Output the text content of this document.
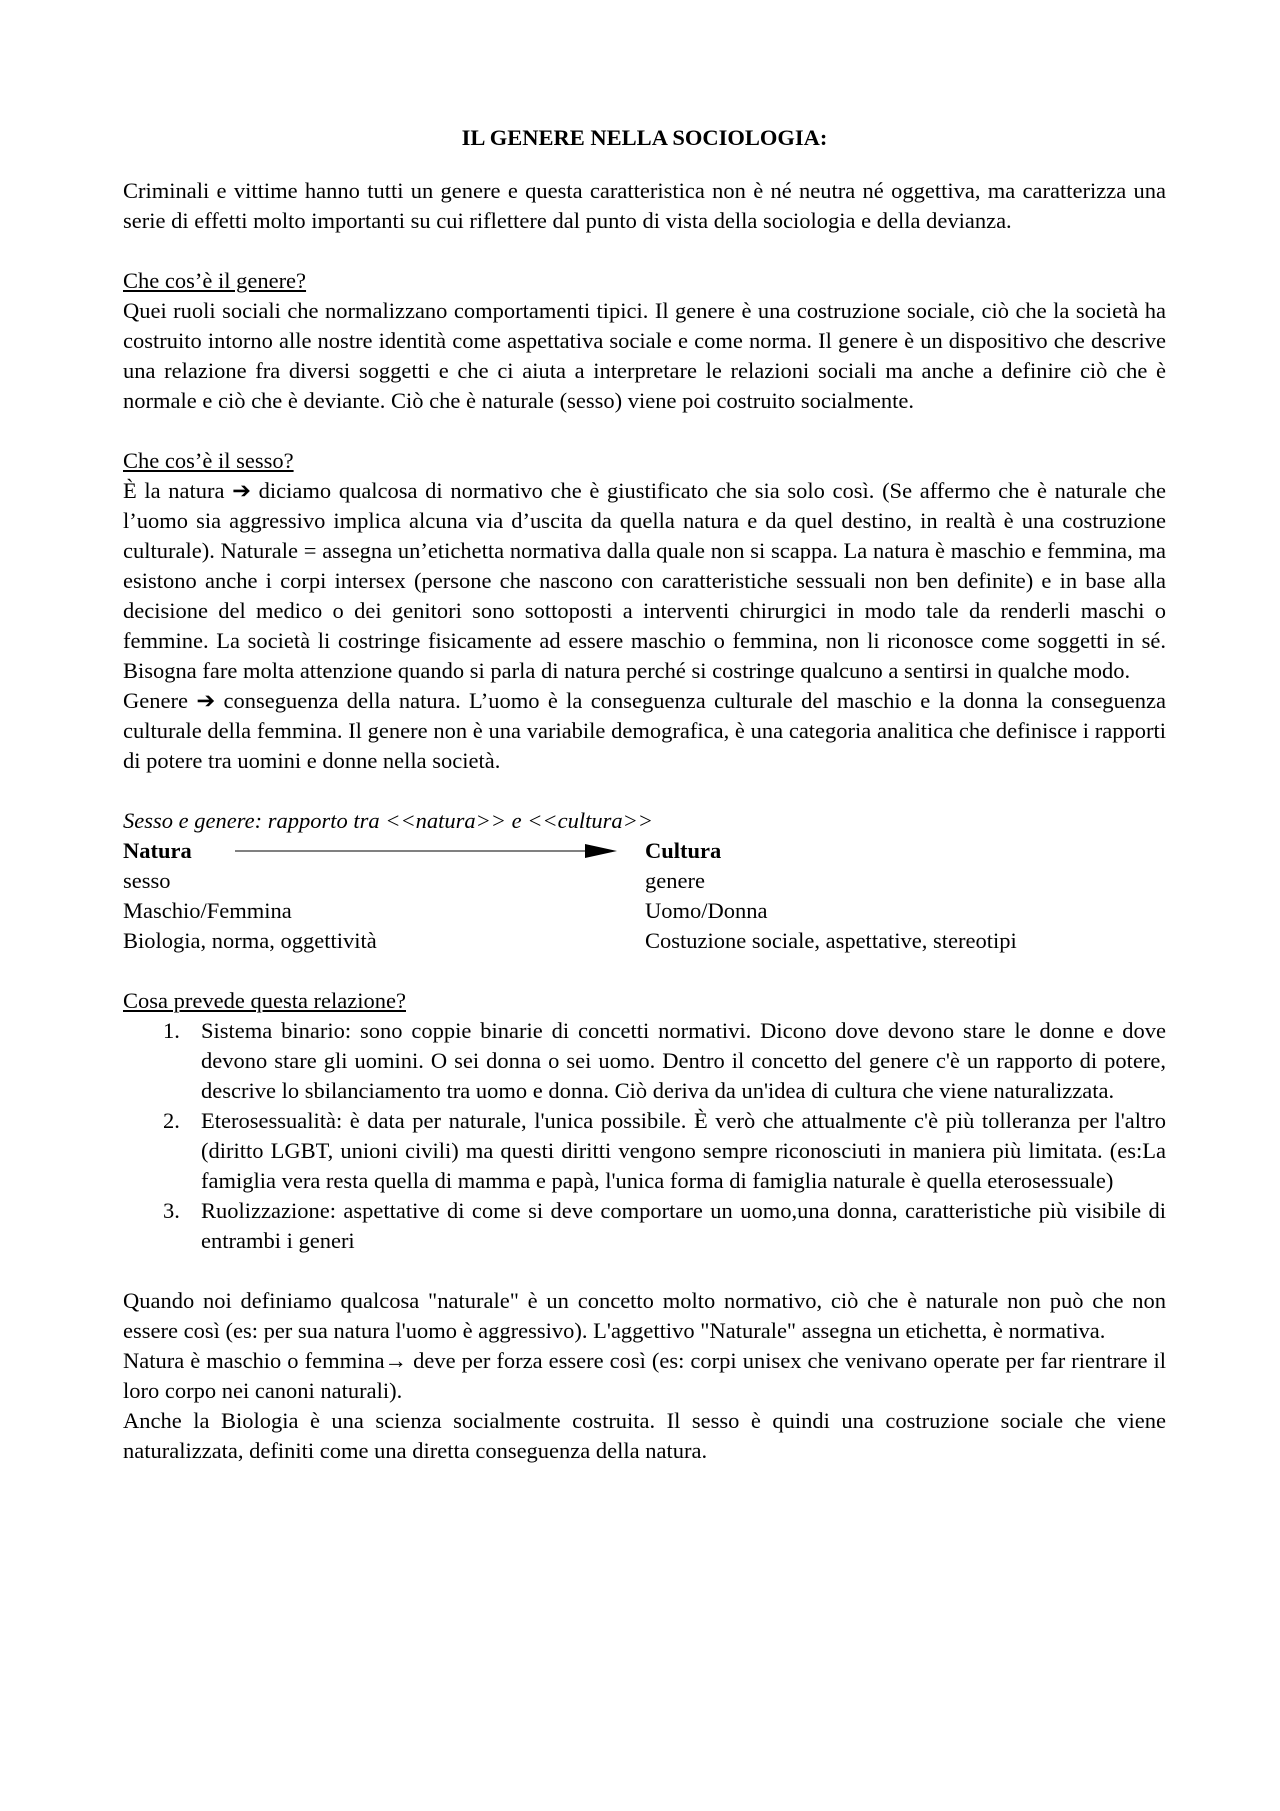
IL GENERE NELLA SOCIOLOGIA:

Criminali e vittime hanno tutti un genere e questa caratteristica non è né neutra né oggettiva, ma caratterizza una serie di effetti molto importanti su cui riflettere dal punto di vista della sociologia e della devianza.

Che cos’è il genere?

Quei ruoli sociali che normalizzano comportamenti tipici. Il genere è una costruzione sociale, ciò che la società ha costruito intorno alle nostre identità come aspettativa sociale e come norma. Il genere è un dispositivo che descrive una relazione fra diversi soggetti e che ci aiuta a interpretare le relazioni sociali ma anche a definire ciò che è normale e ciò che è deviante. Ciò che è naturale (sesso) viene poi costruito socialmente.

Che cos’è il sesso?

È la natura ➔ diciamo qualcosa di normativo che è giustificato che sia solo così. (Se affermo che è naturale che l’uomo sia aggressivo implica alcuna via d’uscita da quella natura e da quel destino, in realtà è una costruzione culturale). Naturale = assegna un’etichetta normativa dalla quale non si scappa. La natura è maschio e femmina, ma esistono anche i corpi intersex (persone che nascono con caratteristiche sessuali non ben definite) e in base alla decisione del medico o dei genitori sono sottoposti a interventi chirurgici in modo tale da renderli maschi o femmine. La società li costringe fisicamente ad essere maschio o femmina, non li riconosce come soggetti in sé. Bisogna fare molta attenzione quando si parla di natura perché si costringe qualcuno a sentirsi in qualche modo.

Genere ➔ conseguenza della natura. L’uomo è la conseguenza culturale del maschio e la donna la conseguenza culturale della femmina. Il genere non è una variabile demografica, è una categoria analitica che definisce i rapporti di potere tra uomini e donne nella società.

Sesso e genere: rapporto tra <<natura>> e <<cultura>>

Natura	Cultura
sesso	genere
Maschio/Femmina	Uomo/Donna
Biologia, norma, oggettività	Costuzione sociale, aspettative, stereotipi

Cosa prevede questa relazione?

1. Sistema binario: sono coppie binarie di concetti normativi. Dicono dove devono stare le donne e dove devono stare gli uomini. O sei donna o sei uomo. Dentro il concetto del genere c'è un rapporto di potere, descrive lo sbilanciamento tra uomo e donna. Ciò deriva da un'idea di cultura che viene naturalizzata.

2. Eterosessualità: è data per naturale, l'unica possibile. È verò che attualmente c'è più tolleranza per l'altro (diritto LGBT, unioni civili) ma questi diritti vengono sempre riconosciuti in maniera più limitata. (es:La famiglia vera resta quella di mamma e papà, l'unica forma di famiglia naturale è quella eterosessuale)

3. Ruolizzazione: aspettative di come si deve comportare un uomo,una donna, caratteristiche più visibile di entrambi i generi

Quando noi definiamo qualcosa "naturale" è un concetto molto normativo, ciò che è naturale non può che non essere così (es: per sua natura l'uomo è aggressivo). L'aggettivo "Naturale" assegna un etichetta, è normativa.

Natura è maschio o femmina→ deve per forza essere così (es: corpi unisex che venivano operate per far rientrare il loro corpo nei canoni naturali).

Anche la Biologia è una scienza socialmente costruita. Il sesso è quindi una costruzione sociale che viene naturalizzata, definiti come una diretta conseguenza della natura.
